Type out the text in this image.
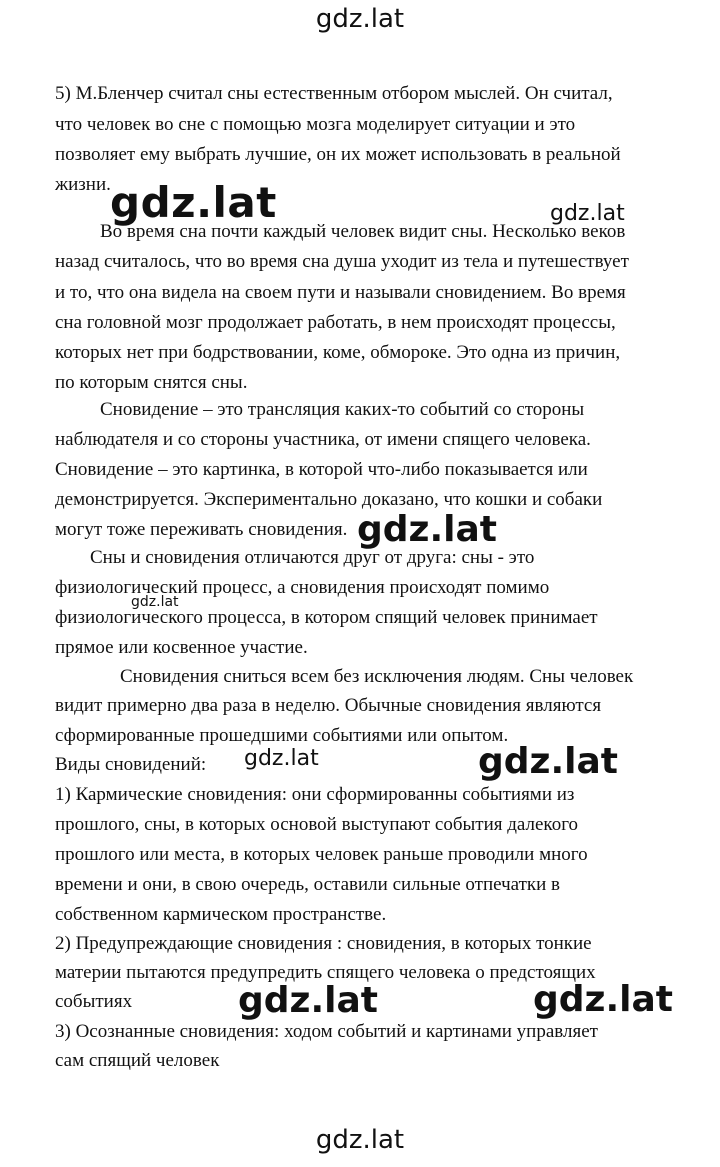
gdz.lat
5) М.Бленчер считал сны естественным отбором мыслей. Он считал,
что человек во сне с помощью мозга моделирует ситуации и это
позволяет ему выбрать лучшие, он их может использовать в реальной
жизни. gdz.lat	gdz.lat
Во время сна почти каждый человек видит сны. Несколько веков
назад считалось, что во время сна душа уходит из тела и путешествует
и то, что она видела на своем пути и называли сновидением. Во время
сна головной мозг продолжает работать, в нем происходят процессы,
которых нет при бодрствовании, коме, обмороке. Это одна из причин,
по которым снятся сны.
Сновидение – это трансляция каких-то событий со стороны
наблюдателя и со стороны участника, от имени спящего человека.
Сновидение – это картинка, в которой что-либо показывается или
демонстрируется. Экспериментально доказано, что кошки и собаки
могут тоже переживать сновидения. gdz.lat
Сны и сновидения отличаются друг от друга: сны - это
физиологический процесс, а сновидения происходят помимо
gdz.lat
физиологического процесса, в котором спящий человек принимает
прямое или косвенное участие.
Сновидения сниться всем без исключения людям. Сны человек
видит примерно два раза в неделю. Обычные сновидения являются
сформированные прошедшими событиями или опытом.
Виды сновидений: gdz.lat	gdz.lat
1) Кармические сновидения: они сформированны событиями из
прошлого, сны, в которых основой выступают события далекого
прошлого или места, в которых человек раньше проводили много
времени и они, в свою очередь, оставили сильные отпечатки в
собственном кармическом пространстве.
2) Предупреждающие сновидения : сновидения, в которых тонкие
материи пытаются предупредить спящего человека о предстоящих
событиях	gdz.lat	gdz.lat
3) Осознанные сновидения: ходом событий и картинами управляет
сам спящий человек
gdz.lat
